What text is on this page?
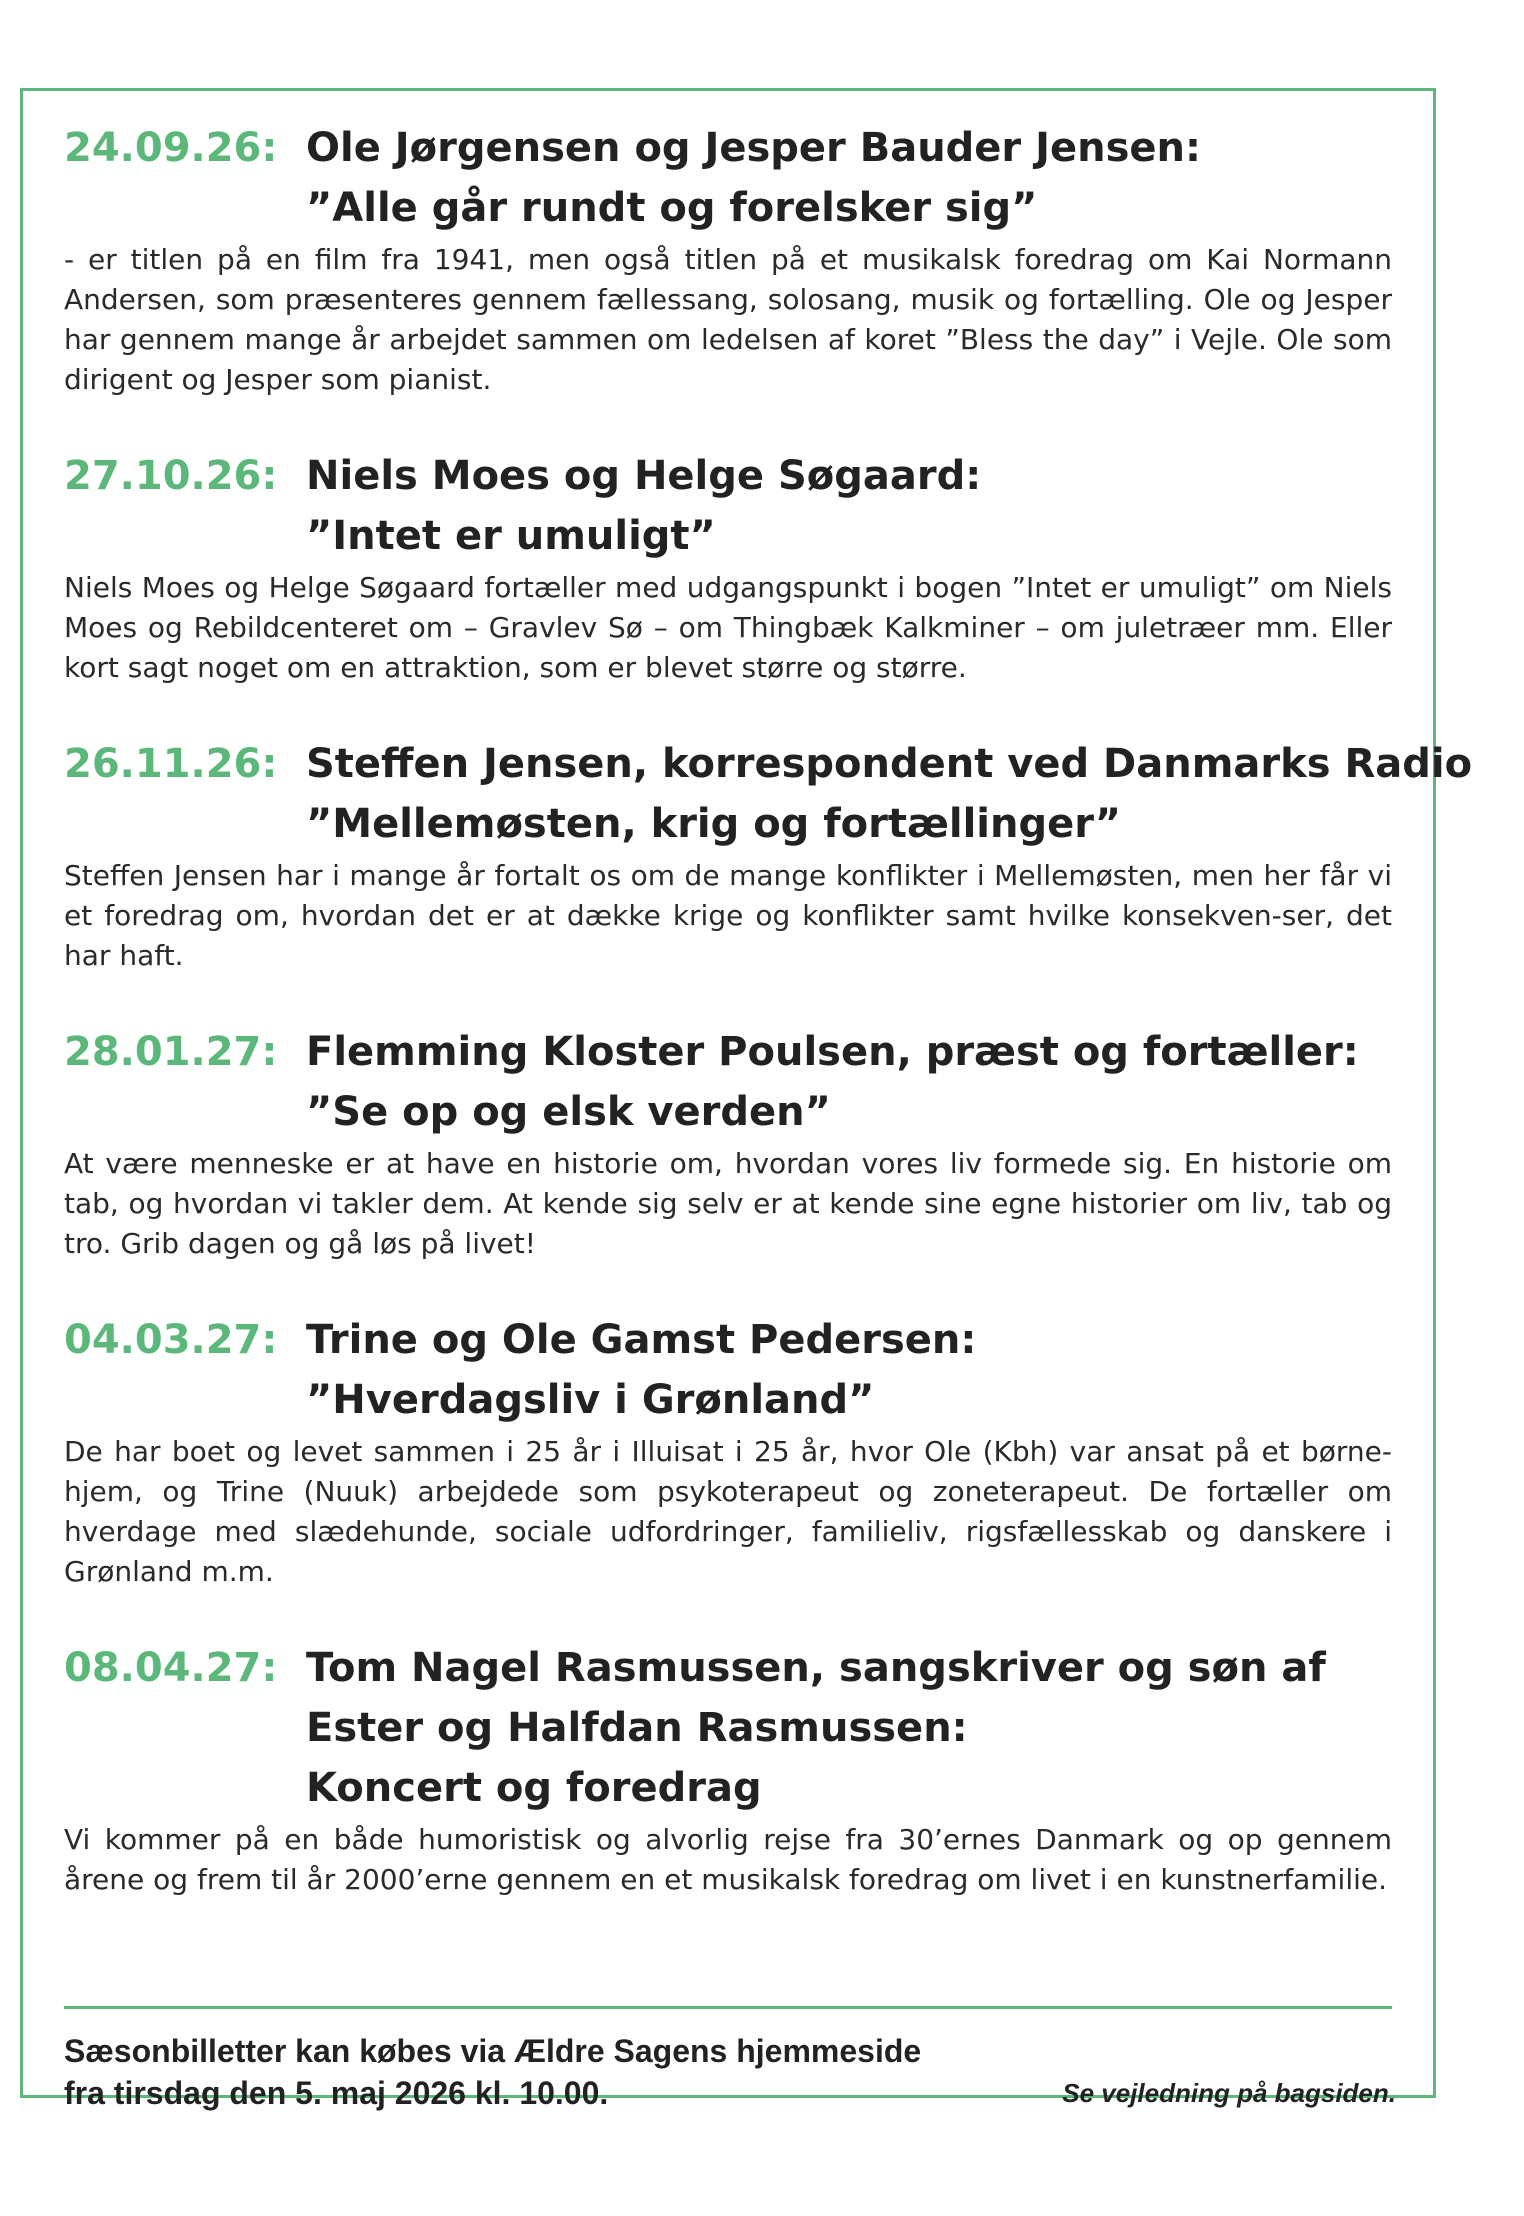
24.09.26: Ole Jørgensen og Jesper Bauder Jensen:
”Alle går rundt og forelsker sig”
- er titlen på en film fra 1941, men også titlen på et musikalsk foredrag om Kai Normann Andersen, som præsenteres gennem fællessang, solosang, musik og fortælling. Ole og Jesper har gennem mange år arbejdet sammen om ledelsen af koret ”Bless the day” i Vejle. Ole som dirigent og Jesper som pianist.
27.10.26: Niels Moes og Helge Søgaard:
”Intet er umuligt”
Niels Moes og Helge Søgaard fortæller med udgangspunkt i bogen ”Intet er umuligt” om Niels Moes og Rebildcenteret om – Gravlev Sø – om Thingbæk Kalkminer – om juletræer mm. Eller kort sagt noget om en attraktion, som er blevet større og større.
26.11.26: Steffen Jensen, korrespondent ved Danmarks Radio
”Mellemøsten, krig og fortællinger”
Steffen Jensen har i mange år fortalt os om de mange konflikter i Mellemøsten, men her får vi et foredrag om, hvordan det er at dække krige og konflikter samt hvilke konsekven-ser, det har haft.
28.01.27: Flemming Kloster Poulsen, præst og fortæller:
”Se op og elsk verden”
At være menneske er at have en historie om, hvordan vores liv formede sig. En historie om tab, og hvordan vi takler dem. At kende sig selv er at kende sine egne historier om liv, tab og tro. Grib dagen og gå løs på livet!
04.03.27: Trine og Ole Gamst Pedersen:
”Hverdagsliv i Grønland”
De har boet og levet sammen i 25 år i Illuisat i 25 år, hvor Ole (Kbh) var ansat på et børne-hjem, og Trine (Nuuk) arbejdede som psykoterapeut og zoneterapeut. De fortæller om hverdage med slædehunde, sociale udfordringer, familieliv, rigsfællesskab og danskere i Grønland m.m.
08.04.27: Tom Nagel Rasmussen, sangskriver og søn af
Ester og Halfdan Rasmussen:
Koncert og foredrag
Vi kommer på en både humoristisk og alvorlig rejse fra 30’ernes Danmark og op gennem årene og frem til år 2000’erne gennem en et musikalsk foredrag om livet i en kunstnerfamilie.
Sæsonbilletter kan købes via Ældre Sagens hjemmeside
fra tirsdag den 5. maj 2026 kl. 10.00.	Se vejledning på bagsiden.
